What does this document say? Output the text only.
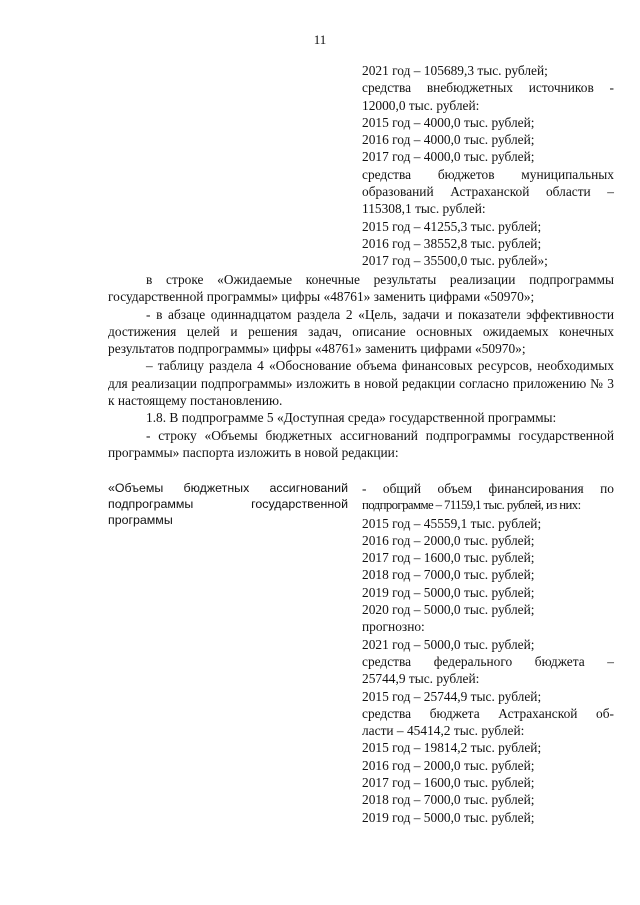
11
2021 год – 105689,3 тыс. рублей;
средства внебюджетных источников -
12000,0 тыс. рублей:
2015 год – 4000,0 тыс. рублей;
2016 год – 4000,0 тыс. рублей;
2017 год – 4000,0 тыс. рублей;
средства бюджетов муниципальных
образований Астраханской области –
115308,1 тыс. рублей:
2015 год – 41255,3 тыс. рублей;
2016 год – 38552,8 тыс. рублей;
2017 год – 35500,0 тыс. рублей»;

в строке «Ожидаемые конечные результаты реализации подпрограммы государственной программы» цифры «48761» заменить цифрами «50970»;

- в абзаце одиннадцатом раздела 2 «Цель, задачи и показатели эффективности достижения целей и решения задач, описание основных ожидаемых конечных результатов подпрограммы» цифры «48761» заменить цифрами «50970»;

– таблицу раздела 4 «Обоснование объема финансовых ресурсов, необходимых для реализации подпрограммы» изложить в новой редакции согласно приложению № 3 к настоящему постановлению.

1.8. В подпрограмме 5 «Доступная среда» государственной программы:

- строку «Объемы бюджетных ассигнований подпрограммы государственной программы» паспорта изложить в новой редакции:

«Объемы бюджетных ассигнований подпрограммы государственной программы
- общий объем финансирования по
подпрограмме – 71159,1 тыс. рублей, из них:
2015 год – 45559,1 тыс. рублей;
2016 год – 2000,0 тыс. рублей;
2017 год – 1600,0 тыс. рублей;
2018 год – 7000,0 тыс. рублей;
2019 год – 5000,0 тыс. рублей;
2020 год – 5000,0 тыс. рублей;
прогнозно:
2021 год – 5000,0 тыс. рублей;
средства федерального бюджета –
25744,9 тыс. рублей:
2015 год – 25744,9 тыс. рублей;
средства бюджета Астраханской об-
ласти – 45414,2 тыс. рублей:
2015 год – 19814,2 тыс. рублей;
2016 год – 2000,0 тыс. рублей;
2017 год – 1600,0 тыс. рублей;
2018 год – 7000,0 тыс. рублей;
2019 год – 5000,0 тыс. рублей;
